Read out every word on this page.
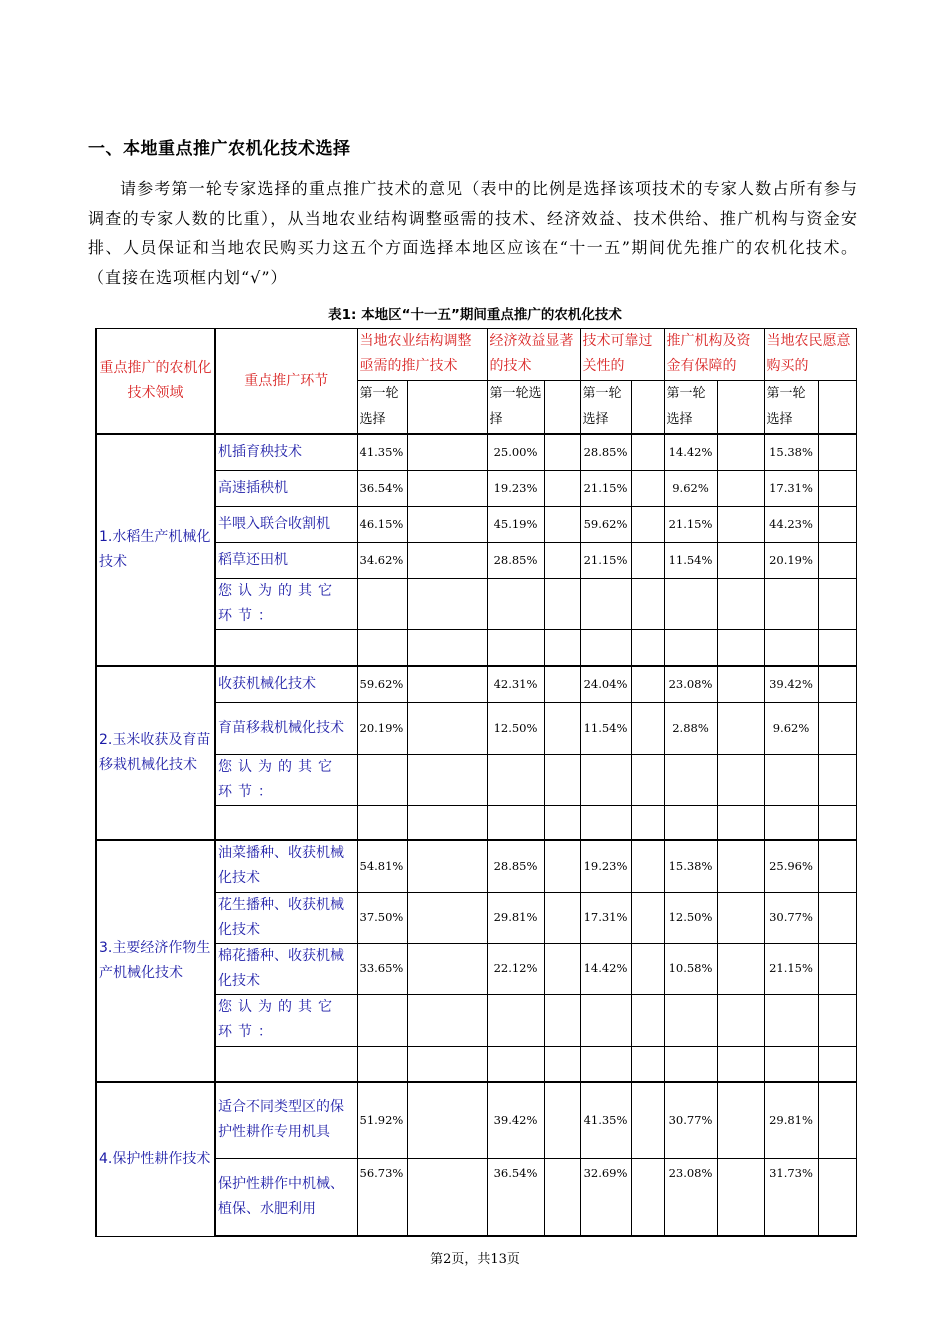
一、本地重点推广农机化技术选择
请参考第一轮专家选择的重点推广技术的意见（表中的比例是选择该项技术的专家人数占所有参与调查的专家人数的比重），从当地农业结构调整亟需的技术、经济效益、技术供给、推广机构与资金安排、人员保证和当地农民购买力这五个方面选择本地区应该在“十一五”期间优先推广的农机化技术。（直接在选项框内划“√”）
表1: 本地区“十一五”期间重点推广的农机化技术
重点推广的农机化技术领域	重点推广环节	当地农业结构调整亟需的推广技术		经济效益显著的技术		技术可靠过关性的		推广机构及资金有保障的		当地农民愿意购买的	
		第一轮选择		第一轮选择		第一轮选择		第一轮选择		第一轮选择	
1.水稻生产机械化技术	机插育秧技术	41.35%		25.00%		28.85%		14.42%		15.38%	
	高速插秧机	36.54%		19.23%		21.15%		9.62%		17.31%	
	半喂入联合收割机	46.15%		45.19%		59.62%		21.15%		44.23%	
	稻草还田机	34.62%		28.85%		21.15%		11.54%		20.19%	
	您认为的其它环节：										

2.玉米收获及育苗移栽机械化技术	收获机械化技术	59.62%		42.31%		24.04%		23.08%		39.42%	
	育苗移栽机械化技术	20.19%		12.50%		11.54%		2.88%		9.62%	
	您认为的其它环节：										

3.主要经济作物生产机械化技术	油菜播种、收获机械化技术	54.81%		28.85%		19.23%		15.38%		25.96%	
	花生播种、收获机械化技术	37.50%		29.81%		17.31%		12.50%		30.77%	
	棉花播种、收获机械化技术	33.65%		22.12%		14.42%		10.58%		21.15%	
	您认为的其它环节：										

4.保护性耕作技术	适合不同类型区的保护性耕作专用机具	51.92%		39.42%		41.35%		30.77%		29.81%	
	保护性耕作中机械、植保、水肥利用	56.73%		36.54%		32.69%		23.08%		31.73%	
第2页，共13页
